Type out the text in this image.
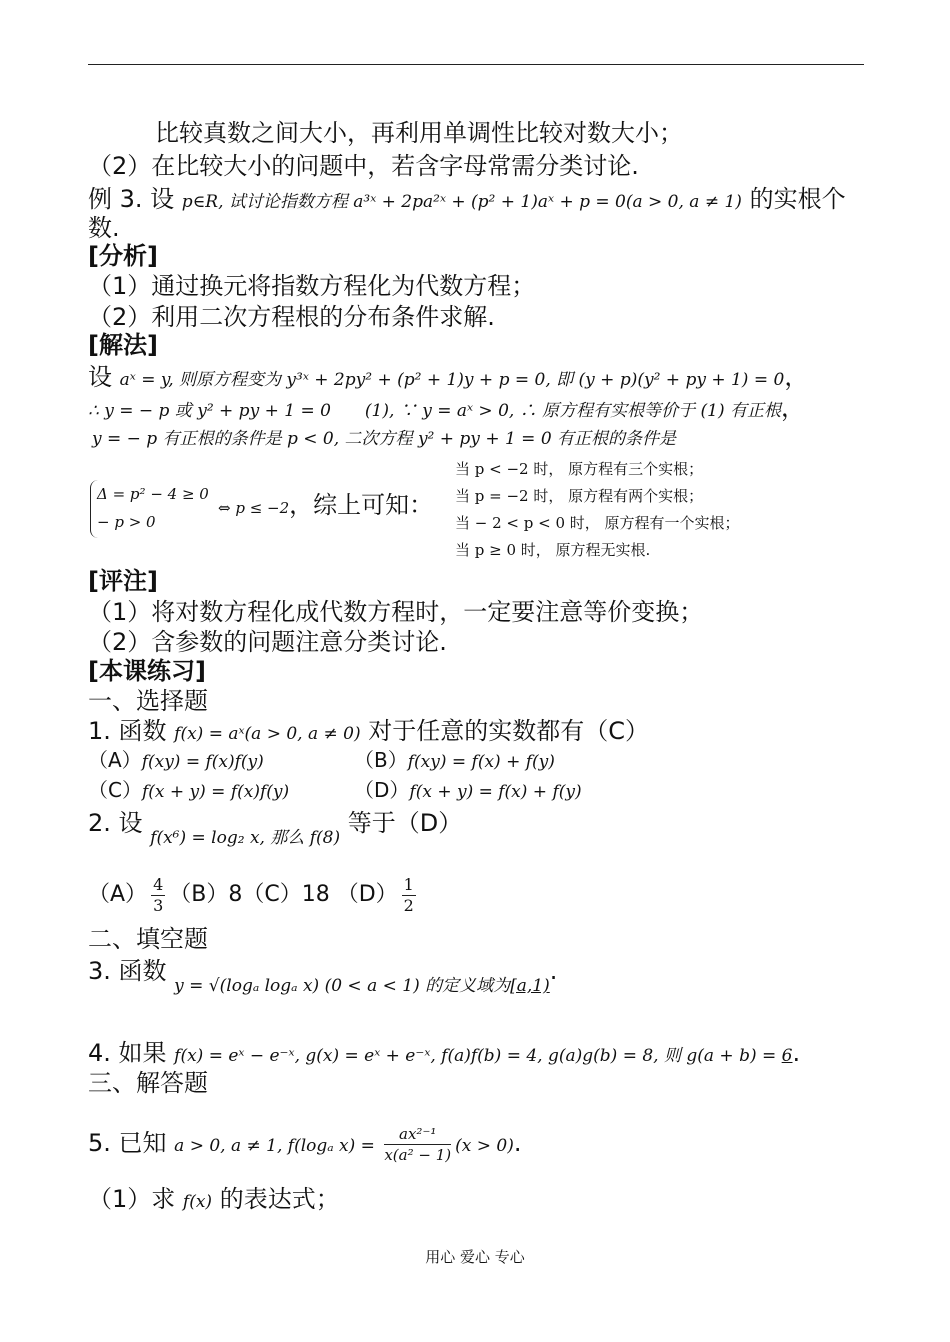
比较真数之间大小，再利用单调性比较对数大小；
（2）在比较大小的问题中，若含字母常需分类讨论.
例 3. 设 p∈R, 试讨论指数方程 a³ˣ + 2pa²ˣ + (p² + 1)aˣ + p = 0(a > 0, a ≠ 1) 的实根个
数.
[分析]
（1）通过换元将指数方程化为代数方程；
（2）利用二次方程根的分布条件求解.
[解法]
设 aˣ = y, 则原方程变为 y³ˣ + 2py² + (p² + 1)y + p = 0, 即 (y + p)(y² + py + 1) = 0，
∴ y = − p 或 y² + py + 1 = 0　　(1), ∵ y = aˣ > 0, ∴ 原方程有实根等价于 (1) 有正根，
y = − p 有正根的条件是 p < 0, 二次方程 y² + py + 1 = 0 有正根的条件是
Δ = p² − 4 ≥ 0
− p > 0
⇔ p ≤ −2，综上可知：
当 p < −2 时， 原方程有三个实根；
当 p = −2 时， 原方程有两个实根；
当 − 2 < p < 0 时， 原方程有一个实根；
当 p ≥ 0 时， 原方程无实根.
[评注]
（1）将对数方程化成代数方程时，一定要注意等价变换；
（2）含参数的问题注意分类讨论.
[本课练习]
一、选择题
1. 函数 f(x) = aˣ(a > 0, a ≠ 0) 对于任意的实数都有（C）
（A）f(xy) = f(x)f(y)	（B）f(xy) = f(x) + f(y)
（C）f(x + y) = f(x)f(y)	（D）f(x + y) = f(x) + f(y)
2. 设 $_{f(x^6) = log_2 x, 那么 f(8)}$ 等于（D）
$(A) \frac{4}{3} (B)8(C)18$ $(D) \frac{1}{2}$
二、填空题
3. 函数 $_{y = √(log_a log_a x) (0 < a < 1) 的定义域为[a,1)}$.
4. 如果 f(x) = eˣ − e⁻ˣ, g(x) = eˣ + e⁻ˣ, f(a)f(b) = 4, g(a)g(b) = 8, 则 g(a + b) = 6.
三、解答题
5. 已知 a > 0, a ≠ 1, f(logₐ $x) = \frac{\text{ax²⁻¹}}{\text{x(a² − 1)}} (x > 0)$.
（1）求 f(x) 的表达式；
用心 爱心 专心
